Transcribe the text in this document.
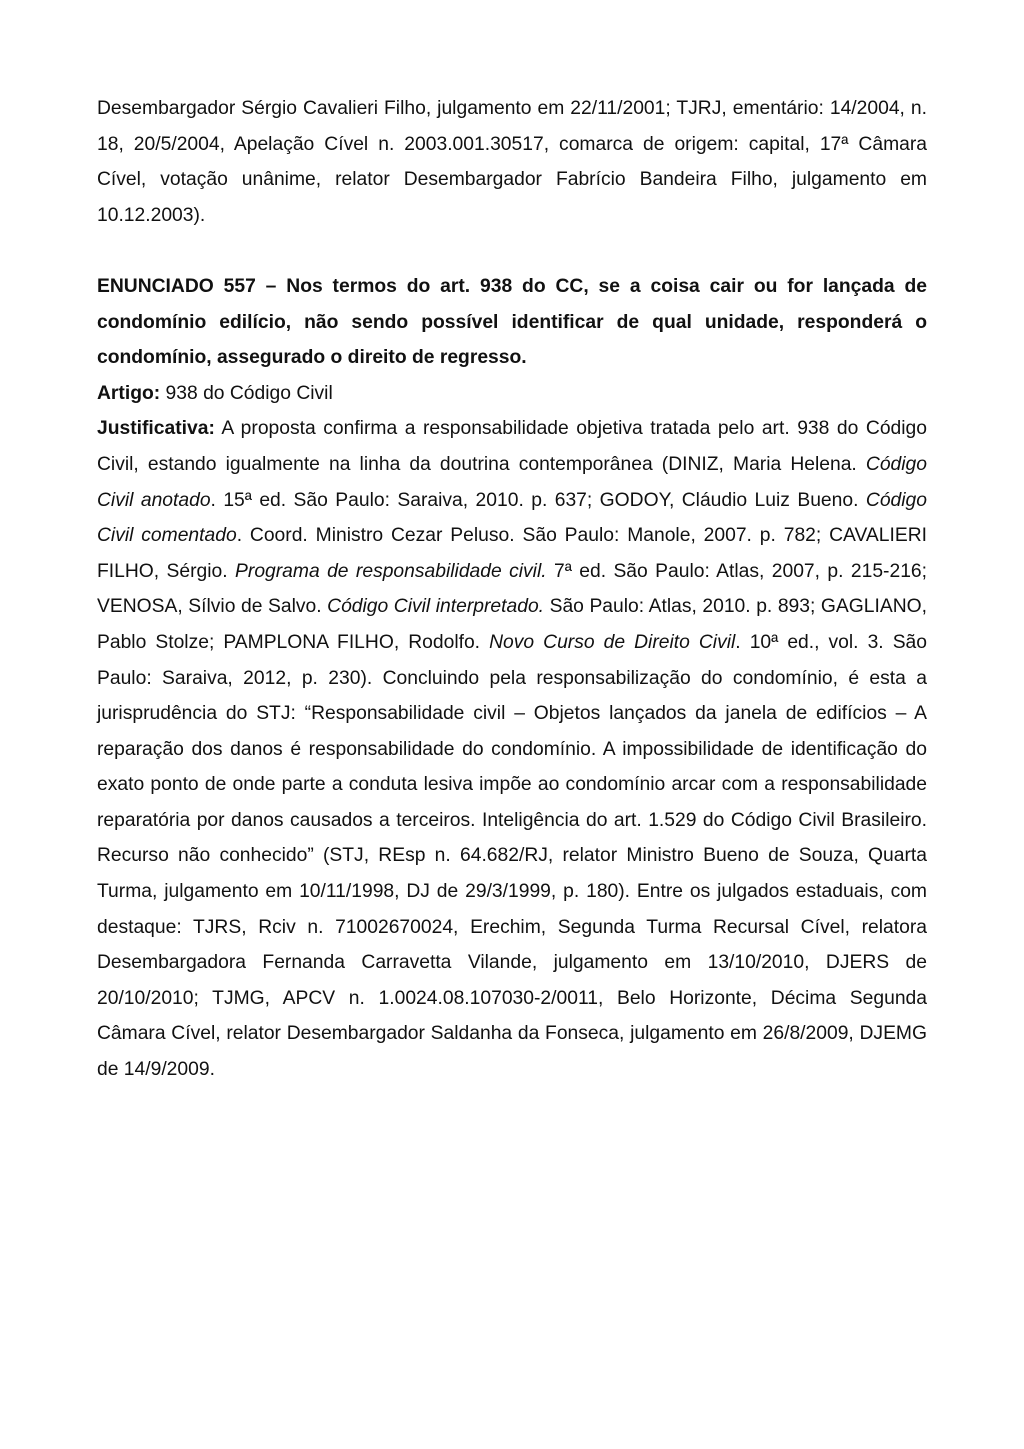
Desembargador Sérgio Cavalieri Filho, julgamento em 22/11/2001; TJRJ, ementário: 14/2004, n. 18, 20/5/2004, Apelação Cível n. 2003.001.30517, comarca de origem: capital, 17ª Câmara Cível, votação unânime, relator Desembargador Fabrício Bandeira Filho, julgamento em 10.12.2003).

ENUNCIADO 557 – Nos termos do art. 938 do CC, se a coisa cair ou for lançada de condomínio edilício, não sendo possível identificar de qual unidade, responderá o condomínio, assegurado o direito de regresso.

Artigo: 938 do Código Civil

Justificativa: A proposta confirma a responsabilidade objetiva tratada pelo art. 938 do Código Civil, estando igualmente na linha da doutrina contemporânea (DINIZ, Maria Helena. Código Civil anotado. 15ª ed. São Paulo: Saraiva, 2010. p. 637; GODOY, Cláudio Luiz Bueno. Código Civil comentado. Coord. Ministro Cezar Peluso. São Paulo: Manole, 2007. p. 782; CAVALIERI FILHO, Sérgio. Programa de responsabilidade civil. 7ª ed. São Paulo: Atlas, 2007, p. 215-216; VENOSA, Sílvio de Salvo. Código Civil interpretado. São Paulo: Atlas, 2010. p. 893; GAGLIANO, Pablo Stolze; PAMPLONA FILHO, Rodolfo. Novo Curso de Direito Civil. 10ª ed., vol. 3. São Paulo: Saraiva, 2012, p. 230). Concluindo pela responsabilização do condomínio, é esta a jurisprudência do STJ: “Responsabilidade civil – Objetos lançados da janela de edifícios – A reparação dos danos é responsabilidade do condomínio. A impossibilidade de identificação do exato ponto de onde parte a conduta lesiva impõe ao condomínio arcar com a responsabilidade reparatória por danos causados a terceiros. Inteligência do art. 1.529 do Código Civil Brasileiro. Recurso não conhecido” (STJ, REsp n. 64.682/RJ, relator Ministro Bueno de Souza, Quarta Turma, julgamento em 10/11/1998, DJ de 29/3/1999, p. 180). Entre os julgados estaduais, com destaque: TJRS, Rciv n. 71002670024, Erechim, Segunda Turma Recursal Cível, relatora Desembargadora Fernanda Carravetta Vilande, julgamento em 13/10/2010, DJERS de 20/10/2010; TJMG, APCV n. 1.0024.08.107030-2/0011, Belo Horizonte, Décima Segunda Câmara Cível, relator Desembargador Saldanha da Fonseca, julgamento em 26/8/2009, DJEMG de 14/9/2009.
